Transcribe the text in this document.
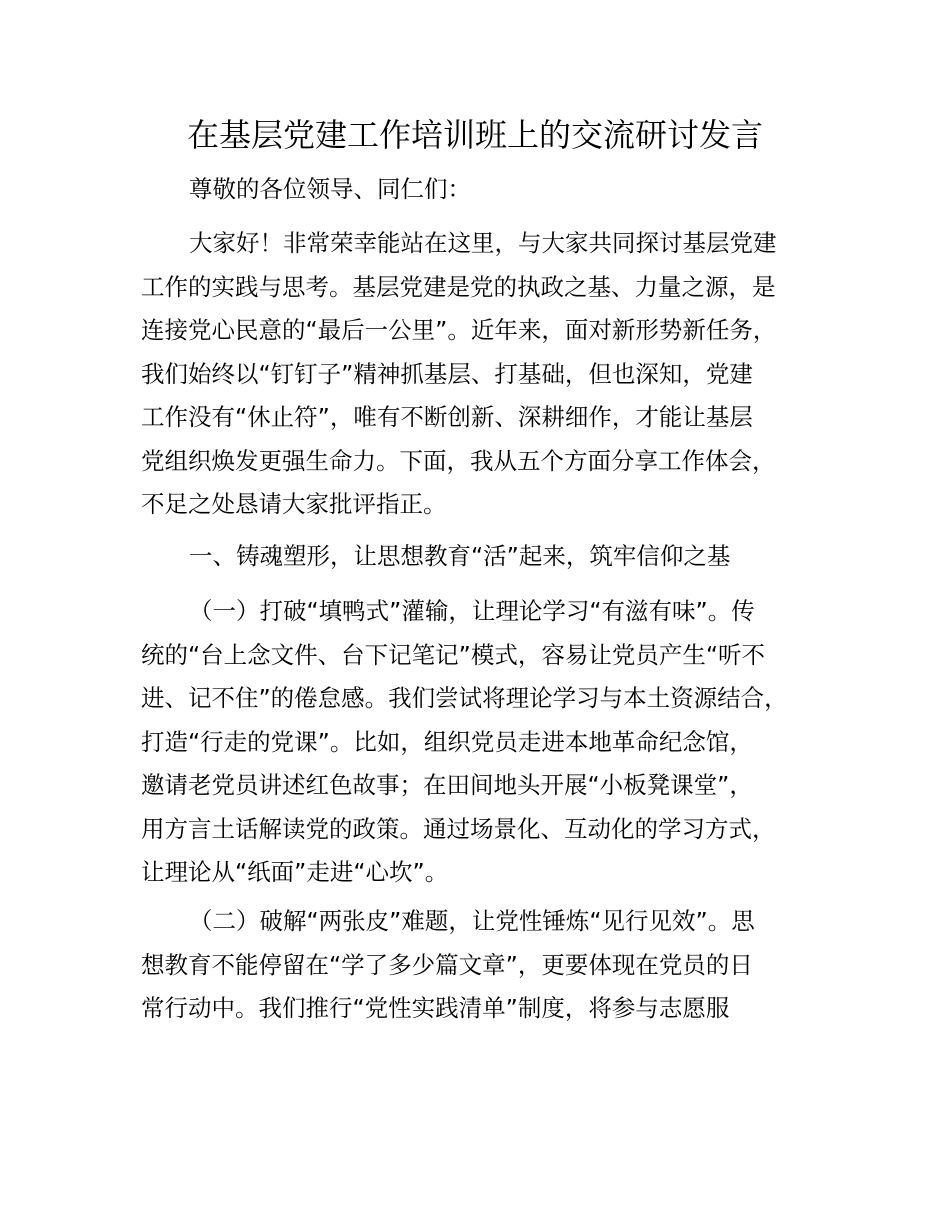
在基层党建工作培训班上的交流研讨发言

尊敬的各位领导、同仁们：

大家好！非常荣幸能站在这里，与大家共同探讨基层党建
工作的实践与思考。基层党建是党的执政之基、力量之源，是
连接党心民意的“最后一公里”。近年来，面对新形势新任务，
我们始终以“钉钉子”精神抓基层、打基础，但也深知，党建
工作没有“休止符”，唯有不断创新、深耕细作，才能让基层
党组织焕发更强生命力。下面，我从五个方面分享工作体会，
不足之处恳请大家批评指正。

一、铸魂塑形，让思想教育“活”起来，筑牢信仰之基

（一）打破“填鸭式”灌输，让理论学习“有滋有味”。传
统的“台上念文件、台下记笔记”模式，容易让党员产生“听不
进、记不住”的倦怠感。我们尝试将理论学习与本土资源结合，
打造“行走的党课”。比如，组织党员走进本地革命纪念馆，
邀请老党员讲述红色故事；在田间地头开展“小板凳课堂”，
用方言土话解读党的政策。通过场景化、互动化的学习方式，
让理论从“纸面”走进“心坎”。
（二）破解“两张皮”难题，让党性锤炼“见行见效”。思
想教育不能停留在“学了多少篇文章”，更要体现在党员的日
常行动中。我们推行“党性实践清单”制度，将参与志愿服
